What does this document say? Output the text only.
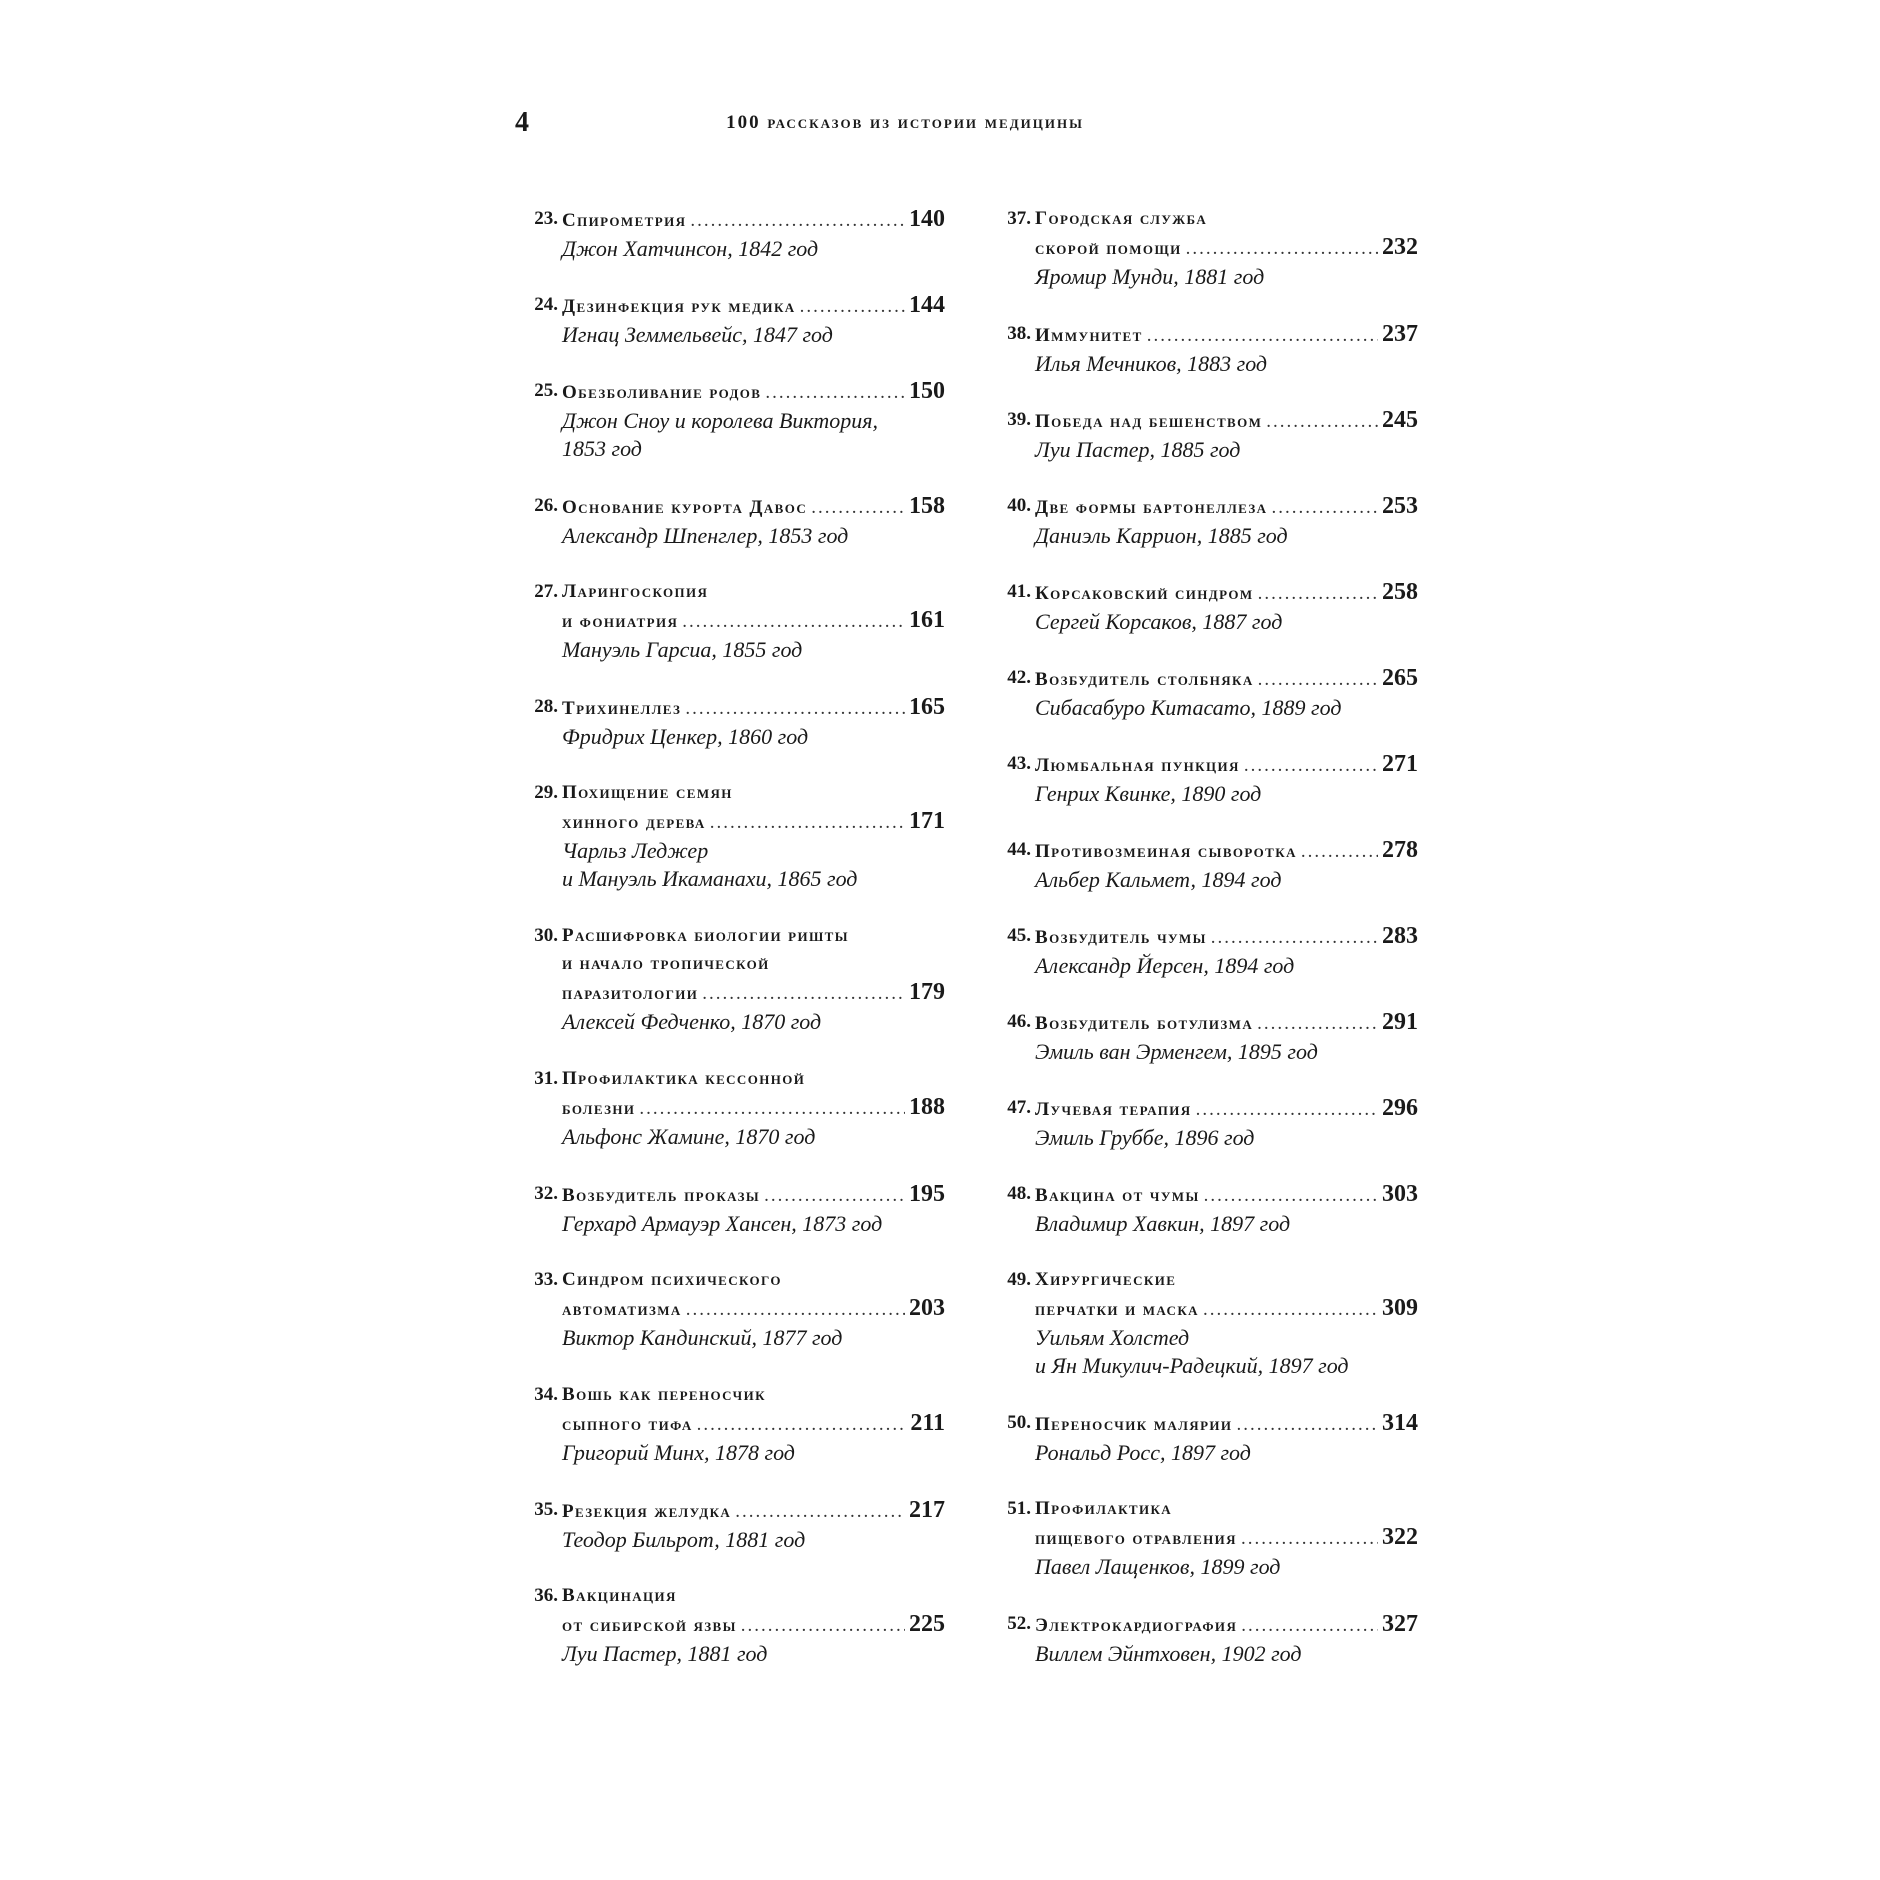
4	100 рассказов из истории медицины
23. Спирометрия .....	140
Джон Хатчинсон, 1842 год
24. Дезинфекция рук медика .....	144
Игнац Земмельвейс, 1847 год
25. Обезболивание родов .....	150
Джон Сноу и королева Виктория,
1853 год
26. Основание курорта Давос .....	158
Александр Шпенглер, 1853 год
27. Ларингоскопия
и фониатрия .....	161
Мануэль Гарсиа, 1855 год
28. Трихинеллез .....	165
Фридрих Ценкер, 1860 год
29. Похищение семян
хинного дерева .....	171
Чарльз Леджер
и Мануэль Икаманахи, 1865 год
30. Расшифровка биологии ришты
и начало тропической
паразитологии .....	179
Алексей Федченко, 1870 год
31. Профилактика кессонной
болезни .....	188
Альфонс Жамине, 1870 год
32. Возбудитель проказы .....	195
Герхард Армауэр Хансен, 1873 год
33. Синдром психического
автоматизма .....	203
Виктор Кандинский, 1877 год
34. Вошь как переносчик
сыпного тифа .....	211
Григорий Минх, 1878 год
35. Резекция желудка .....	217
Теодор Бильрот, 1881 год
36. Вакцинация
от сибирской язвы .....	225
Луи Пастер, 1881 год
37. Городская служба
скорой помощи .....	232
Яромир Мунди, 1881 год
38. Иммунитет .....	237
Илья Мечников, 1883 год
39. Победа над бешенством .....	245
Луи Пастер, 1885 год
40. Две формы бартонеллеза .....	253
Даниэль Каррион, 1885 год
41. Корсаковский синдром .....	258
Сергей Корсаков, 1887 год
42. Возбудитель столбняка .....	265
Сибасабуро Китасато, 1889 год
43. Люмбальная пункция .....	271
Генрих Квинке, 1890 год
44. Противозмеиная сыворотка .....	278
Альбер Кальмет, 1894 год
45. Возбудитель чумы .....	283
Александр Йерсен, 1894 год
46. Возбудитель ботулизма .....	291
Эмиль ван Эрменгем, 1895 год
47. Лучевая терапия .....	296
Эмиль Груббе, 1896 год
48. Вакцина от чумы .....	303
Владимир Хавкин, 1897 год
49. Хирургические
перчатки и маска .....	309
Уильям Холстед
и Ян Микулич-Радецкий, 1897 год
50. Переносчик малярии .....	314
Рональд Росс, 1897 год
51. Профилактика
пищевого отравления .....	322
Павел Лащенков, 1899 год
52. Электрокардиография .....	327
Виллем Эйнтховен, 1902 год
